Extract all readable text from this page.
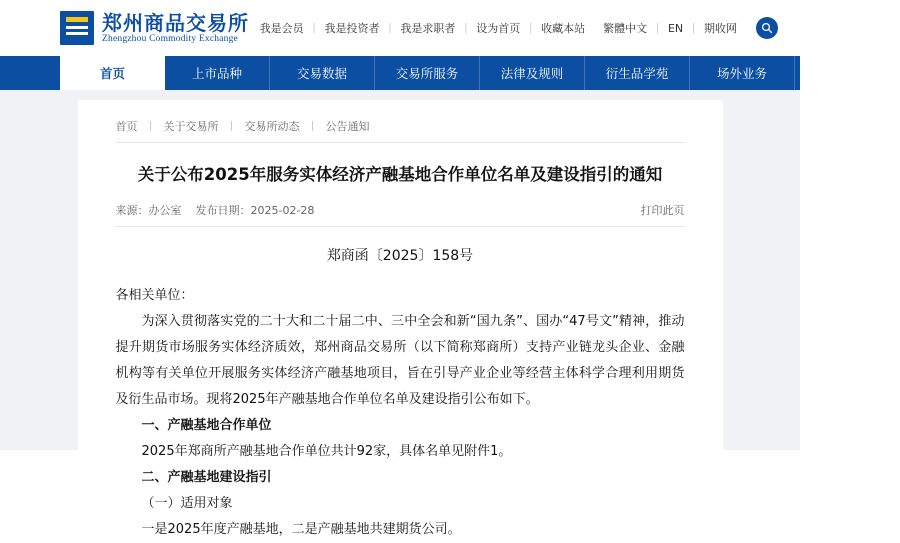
郑州商品交易所
Zhengzhou Commodity Exchange
我是会员 | 我是投资者 | 我是求职者 | 设为首页 | 收藏本站	繁體中文 | EN | 期收网
首页	上市品种	交易数据	交易所服务	法律及规则	衍生品学苑	场外业务	关于交易所
首页 丨 关于交易所 丨 交易所动态 丨 公告通知
关于公布2025年服务实体经济产融基地合作单位名单及建设指引的通知
来源：办公室 发布日期：2025-02-28	打印此页
郑商函〔2025〕158号

各相关单位：

为深入贯彻落实党的二十大和二十届二中、三中全会和新“国九条”、国办“47号文”精神，推动提升期货市场服务实体经济质效，郑州商品交易所（以下简称郑商所）支持产业链龙头企业、金融机构等有关单位开展服务实体经济产融基地项目，旨在引导产业企业等经营主体科学合理利用期货及衍生品市场。现将2025年产融基地合作单位名单及建设指引公布如下。

一、产融基地合作单位

2025年郑商所产融基地合作单位共计92家，具体名单见附件1。

二、产融基地建设指引

（一）适用对象

一是2025年度产融基地，二是产融基地共建期货公司。
